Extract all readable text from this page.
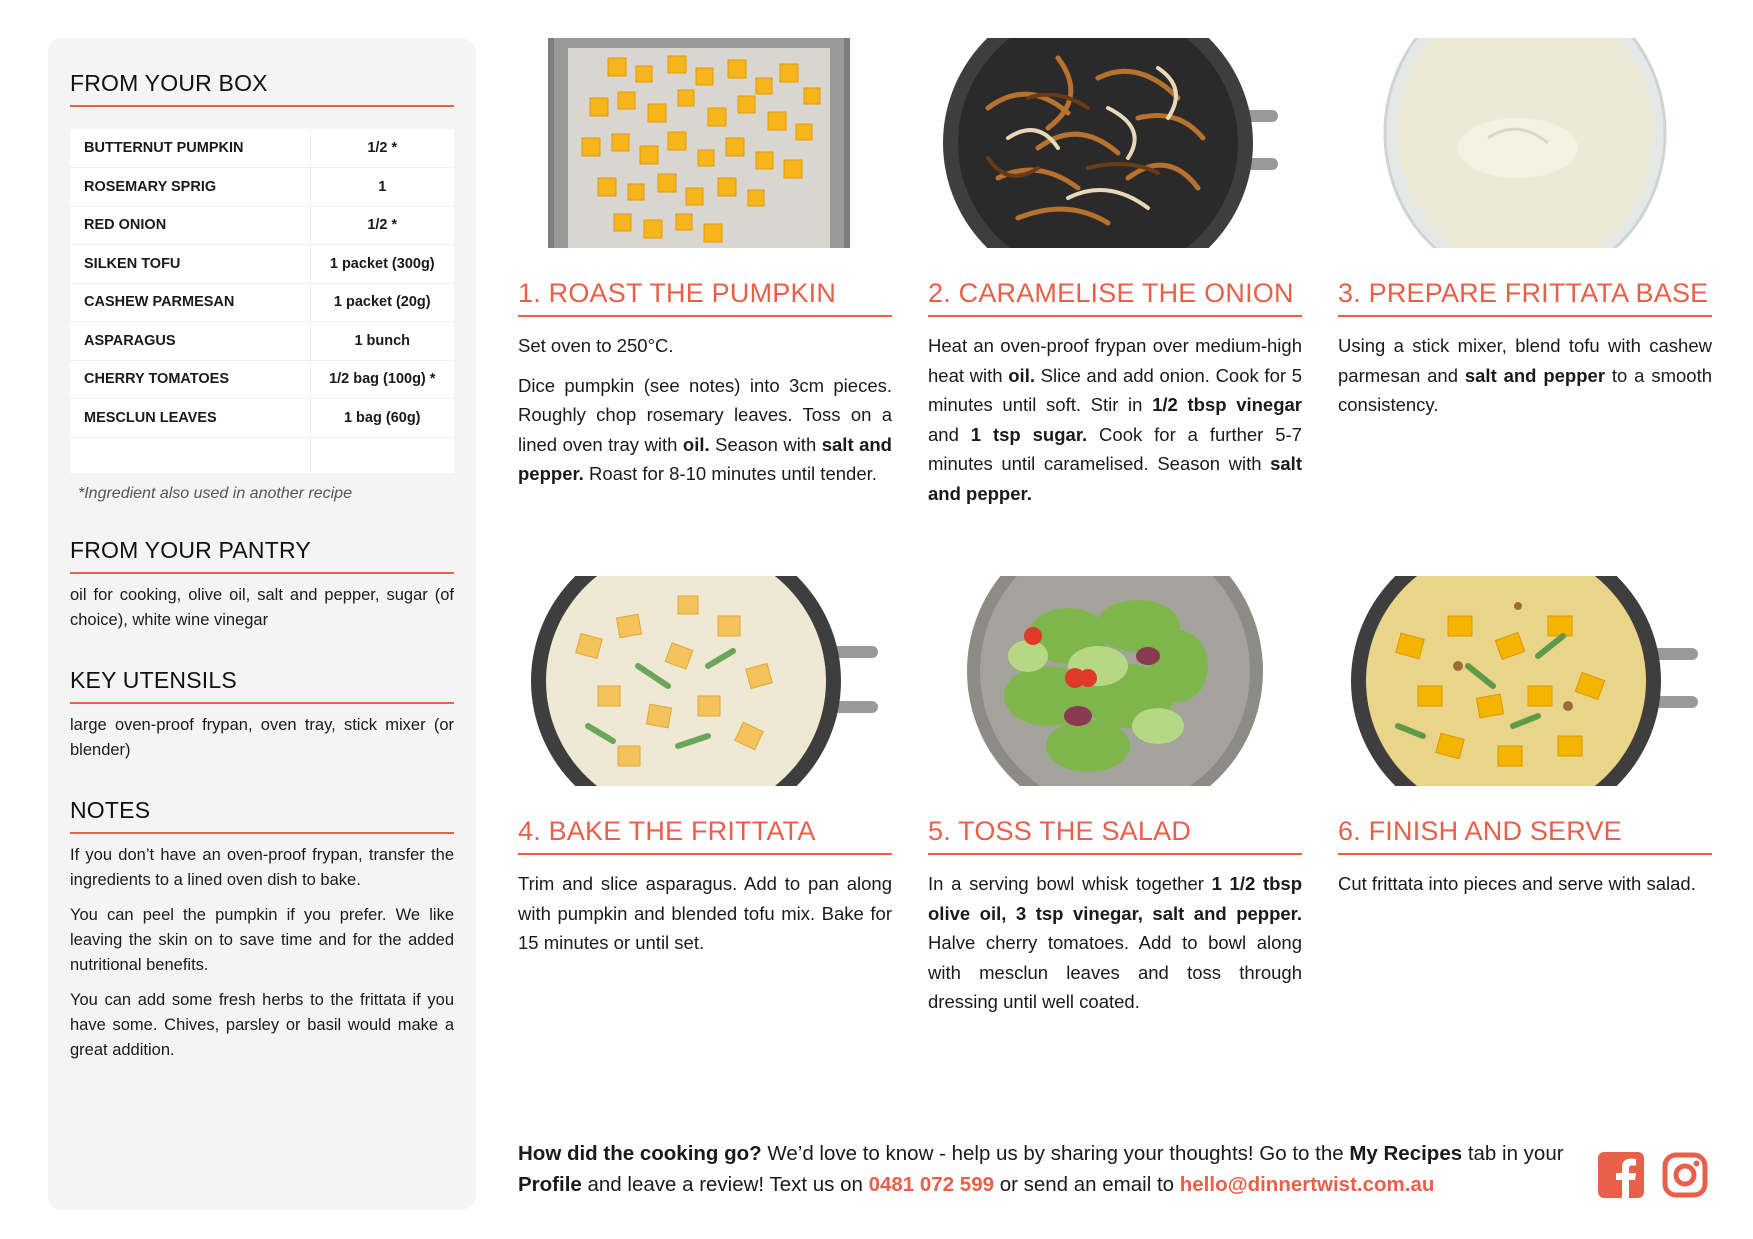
FROM YOUR BOX
BUTTERNUT PUMPKIN	1/2 *
ROSEMARY SPRIG	1
RED ONION	1/2 *
SILKEN TOFU	1 packet (300g)
CASHEW PARMESAN	1 packet (20g)
ASPARAGUS	1 bunch
CHERRY TOMATOES	1/2 bag (100g) *
MESCLUN LEAVES	1 bag (60g)

*Ingredient also used in another recipe
FROM YOUR PANTRY
oil for cooking, olive oil, salt and pepper, sugar (of choice), white wine vinegar
KEY UTENSILS
large oven-proof frypan, oven tray, stick mixer (or blender)
NOTES
If you don’t have an oven-proof frypan, transfer the ingredients to a lined oven dish to bake.
You can peel the pumpkin if you prefer. We like leaving the skin on to save time and for the added nutritional benefits.
You can add some fresh herbs to the frittata if you have some. Chives, parsley or basil would make a great addition.
1. ROAST THE PUMPKIN

Set oven to 250°C.

Dice pumpkin (see notes) into 3cm pieces. Roughly chop rosemary leaves. Toss on a lined oven tray with oil. Season with salt and pepper. Roast for 8-10 minutes until tender.

2. CARAMELISE THE ONION

Heat an oven-proof frypan over medium-high heat with oil. Slice and add onion. Cook for 5 minutes until soft. Stir in 1/2 tbsp vinegar and 1 tsp sugar. Cook for a further 5-7 minutes until caramelised. Season with salt and pepper.

3. PREPARE FRITTATA BASE

Using a stick mixer, blend tofu with cashew parmesan and salt and pepper to a smooth consistency.

4. BAKE THE FRITTATA

Trim and slice asparagus. Add to pan along with pumpkin and blended tofu mix. Bake for 15 minutes or until set.

5. TOSS THE SALAD

In a serving bowl whisk together 1 1/2 tbsp olive oil, 3 tsp vinegar, salt and pepper. Halve cherry tomatoes. Add to bowl along with mesclun leaves and toss through dressing until well coated.

6. FINISH AND SERVE

Cut frittata into pieces and serve with salad.

How did the cooking go? We’d love to know - help us by sharing your thoughts! Go to the My Recipes tab in your Profile and leave a review! Text us on 0481 072 599 or send an email to hello@dinnertwist.com.au
